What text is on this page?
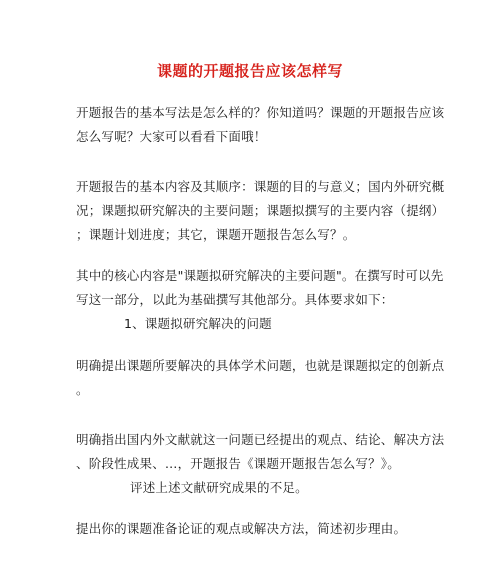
课题的开题报告应该怎样写
开题报告的基本写法是怎么样的？你知道吗？课题的开题报告应该
怎么写呢？大家可以看看下面哦！
开题报告的基本内容及其顺序：课题的目的与意义；国内外研究概
况；课题拟研究解决的主要问题；课题拟撰写的主要内容（提纲）
；课题计划进度；其它，课题开题报告怎么写？。
其中的核心内容是"课题拟研究解决的主要问题"。在撰写时可以先
写这一部分，以此为基础撰写其他部分。具体要求如下：
1、课题拟研究解决的问题
明确提出课题所要解决的具体学术问题，也就是课题拟定的创新点
。
明确指出国内外文献就这一问题已经提出的观点、结论、解决方法
、阶段性成果、…，开题报告《课题开题报告怎么写？》。
评述上述文献研究成果的不足。
提出你的课题准备论证的观点或解决方法，简述初步理由。
